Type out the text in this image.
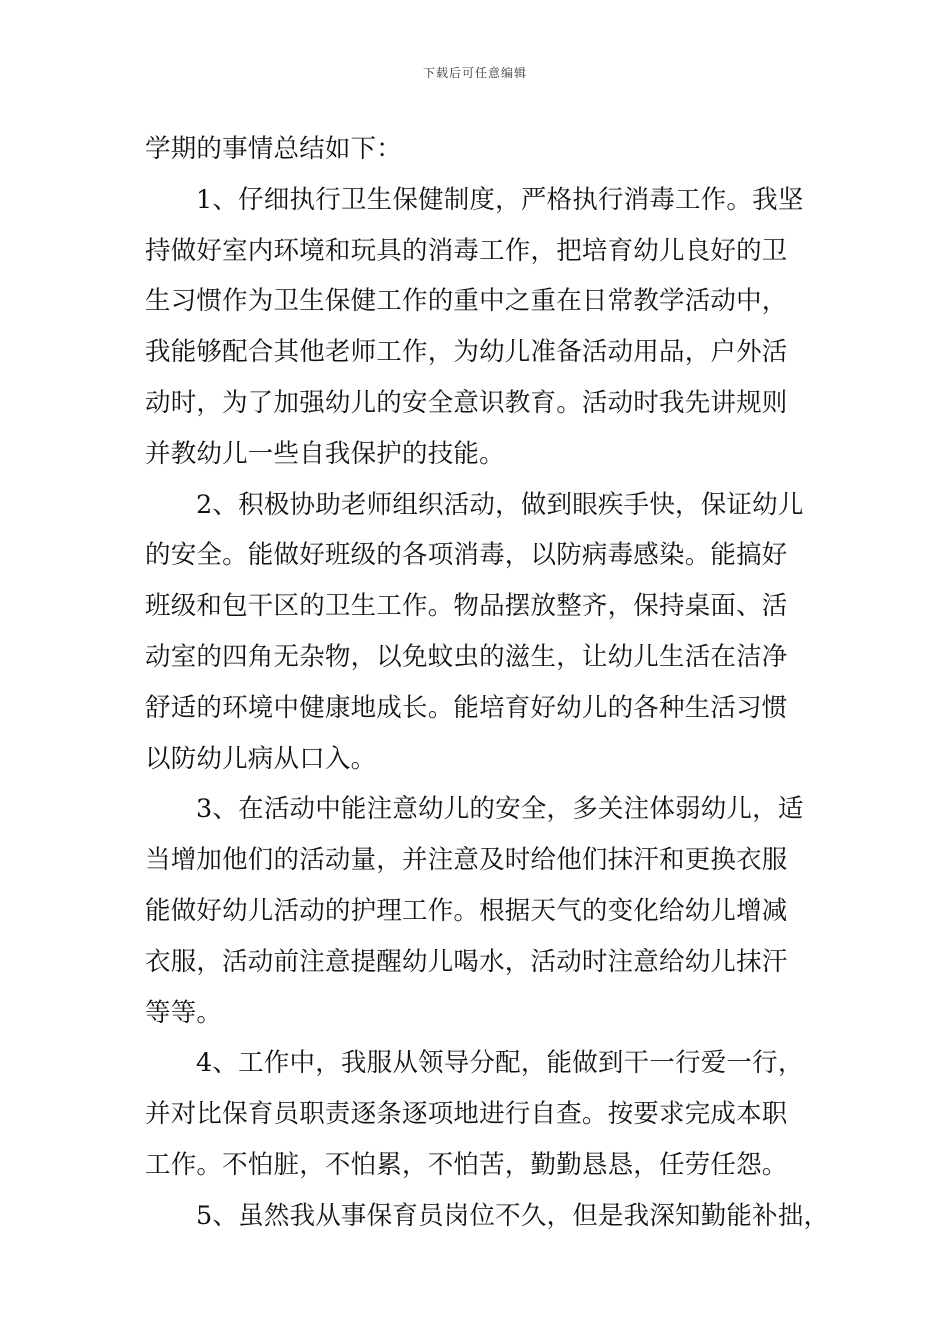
下载后可任意编辑
学期的事情总结如下：
1、仔细执行卫生保健制度，严格执行消毒工作。我坚
持做好室内环境和玩具的消毒工作，把培育幼儿良好的卫
生习惯作为卫生保健工作的重中之重在日常教学活动中，
我能够配合其他老师工作，为幼儿准备活动用品，户外活
动时，为了加强幼儿的安全意识教育。活动时我先讲规则
并教幼儿一些自我保护的技能。
2、积极协助老师组织活动，做到眼疾手快，保证幼儿
的安全。能做好班级的各项消毒，以防病毒感染。能搞好
班级和包干区的卫生工作。物品摆放整齐，保持桌面、活
动室的四角无杂物，以免蚊虫的滋生，让幼儿生活在洁净
舒适的环境中健康地成长。能培育好幼儿的各种生活习惯
以防幼儿病从口入。
3、在活动中能注意幼儿的安全，多关注体弱幼儿，适
当增加他们的活动量，并注意及时给他们抹汗和更换衣服
能做好幼儿活动的护理工作。根据天气的变化给幼儿增减
衣服，活动前注意提醒幼儿喝水，活动时注意给幼儿抹汗
等等。
4、工作中，我服从领导分配，能做到干一行爱一行，
并对比保育员职责逐条逐项地进行自查。按要求完成本职
工作。不怕脏，不怕累，不怕苦，勤勤恳恳，任劳任怨。
5、虽然我从事保育员岗位不久，但是我深知勤能补拙，
